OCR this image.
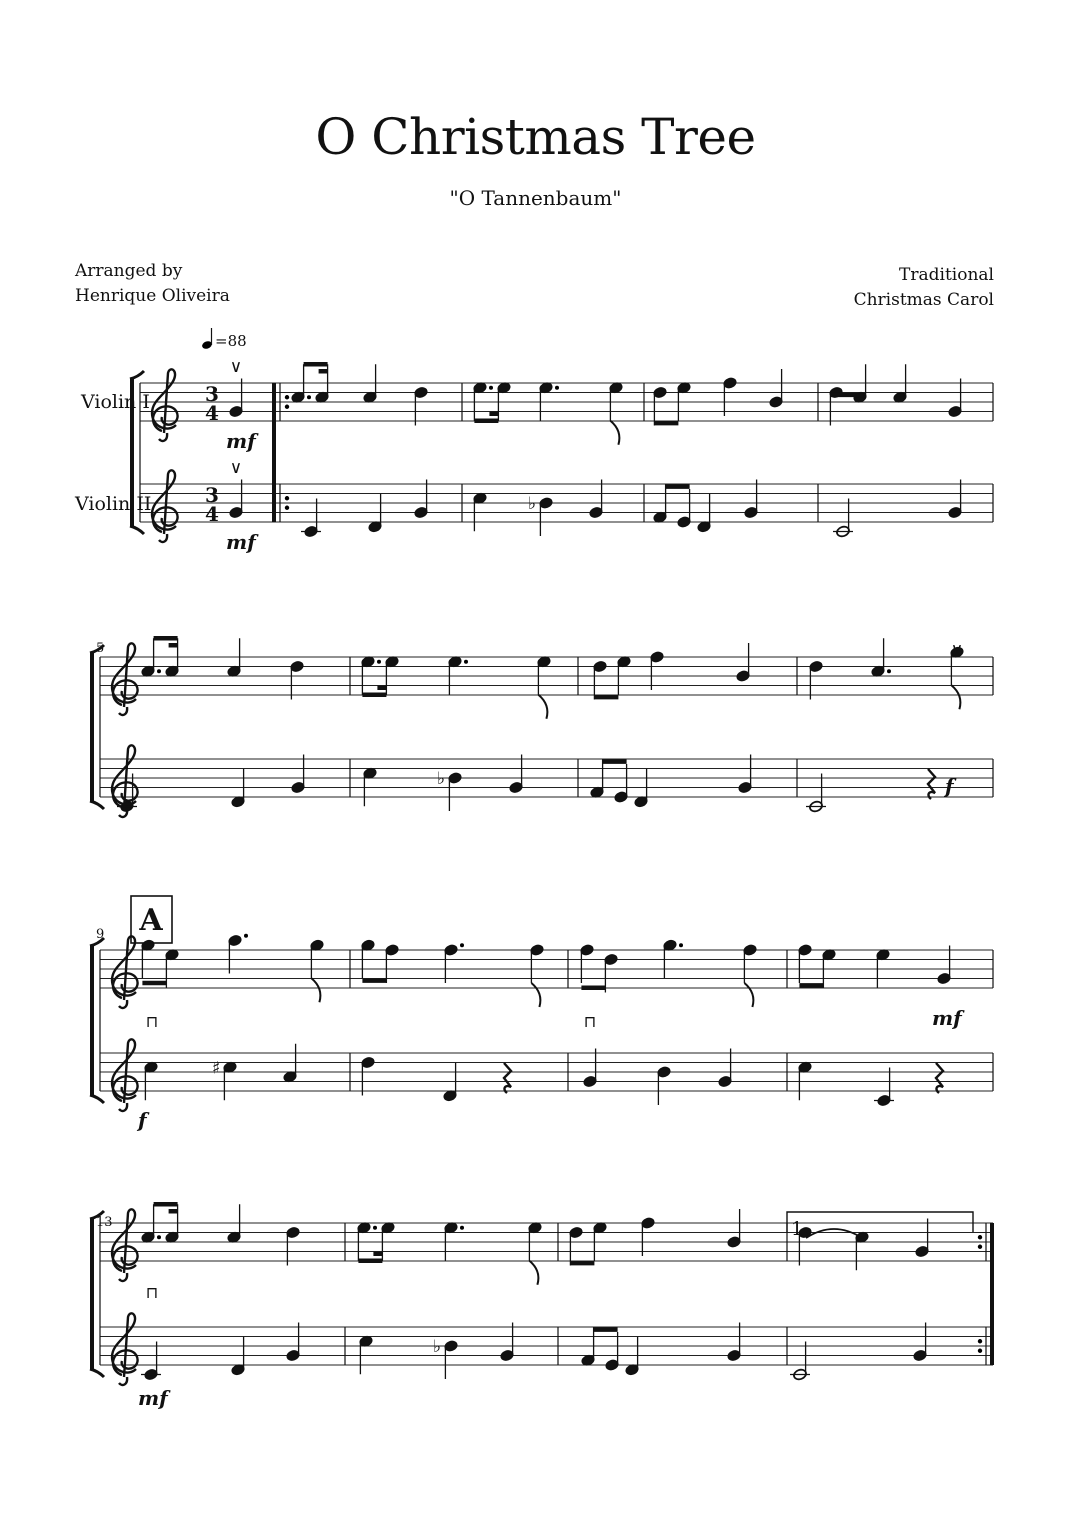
O Christmas Tree
"O Tannenbaum"
Arranged by
Henrique Oliveira
Traditional
Christmas Carol
Violin I
Violin II
5
9
13
3
4
3
4
=88
∨
mf
∨
mf
♭
∨
f
♭
A
mf
⊓
f
♯
⊓
1.
⊓
mf
♭
